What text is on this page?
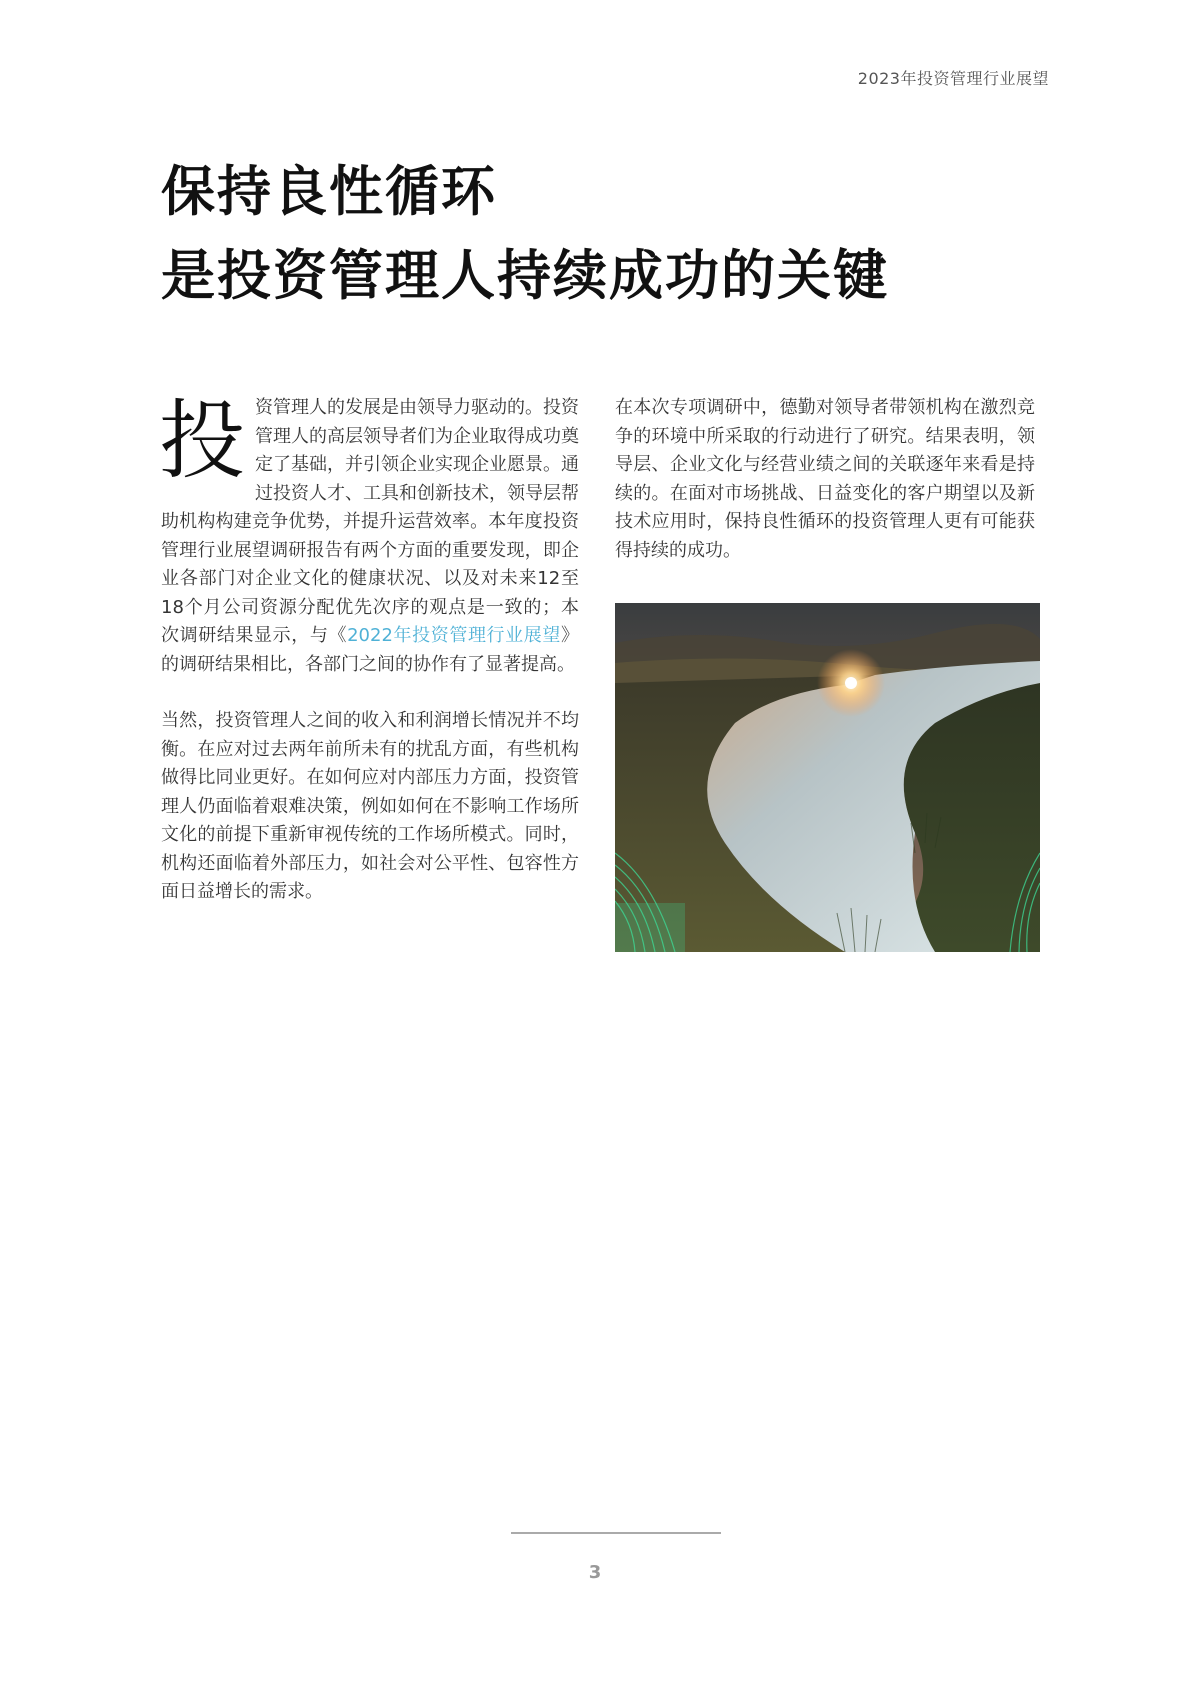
2023年投资管理行业展望
保持良性循环
是投资管理人持续成功的关键

投资管理人的发展是由领导力驱动的。投资管理人的高层领导者们为企业取得成功奠定了基础，并引领企业实现企业愿景。通过投资人才、工具和创新技术，领导层帮助机构构建竞争优势，并提升运营效率。本年度投资管理行业展望调研报告有两个方面的重要发现，即企业各部门对企业文化的健康状况、以及对未来12至18个月公司资源分配优先次序的观点是一致的；本次调研结果显示，与《2022年投资管理行业展望》的调研结果相比，各部门之间的协作有了显著提高。

当然，投资管理人之间的收入和利润增长情况并不均衡。在应对过去两年前所未有的扰乱方面，有些机构做得比同业更好。在如何应对内部压力方面，投资管理人仍面临着艰难决策，例如如何在不影响工作场所文化的前提下重新审视传统的工作场所模式。同时，机构还面临着外部压力，如社会对公平性、包容性方面日益增长的需求。

在本次专项调研中，德勤对领导者带领机构在激烈竞争的环境中所采取的行动进行了研究。结果表明，领导层、企业文化与经营业绩之间的关联逐年来看是持续的。在面对市场挑战、日益变化的客户期望以及新技术应用时，保持良性循环的投资管理人更有可能获得持续的成功。

3
